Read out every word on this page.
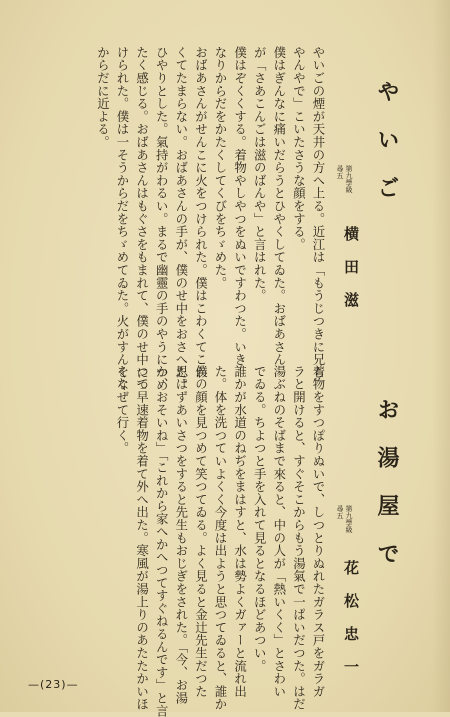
やいご
第九學級
尋五
横田滋
やいごの煙が天井の方へ上る。近江は「もうじつきに兄ち
やんやで」こいたさうな顔をする。
僕はぎんなに痛いだらうとひやくしてゐた。おばあさん
が「さあこんごは滋のばんや」と言はれた。
僕はぞくくする。着物やしやつをぬいですわつた。いき
なりからだをかたくしてくびをちゞめた。
おばあさんがせんこに火をつけられた。僕はこわくてこわ
くてたまらない。おばあさんの手が、僕のせ中をおさへた。
ひやりとした。氣持がわるい。まるで幽靈の手のやうにつめ
たく感じる。おばあさんはもぐさをもまれて、僕のせ中につ
けられた。僕は一そうからだをちゞめてゐた。火がすんくく
からだに近よる。
お湯屋で
第九學級
尋五
花松忠一
着物をすつぽりぬいで、しつとりぬれたガラス戸をガラガ
ラと開けると、すぐそこからもう湯氣で一ぱいだつた。はだ
湯ぶねのそばまで來ると、中の人が「熱いくく」とさわい
でゐる。ちよつと手を入れて見るとなるほどあつい。
誰かが水道のねぢをまはすと、水は勢よくガァーと流れ出
た。体を洗つていよくく今度は出ようと思つてゐると、誰か
僕の顔を見つめて笑つてゐる。よく見ると金辻先生だつた
思はずあいさつをすると先生もおじぎをされた。「今、お湯
か、おそいね」「これから家へかへつてすぐねるんです」と言
つて早速着物を着て外へ出た。寒風が湯上りのあたたかいほ
をなぜて行く。
—(23)—
